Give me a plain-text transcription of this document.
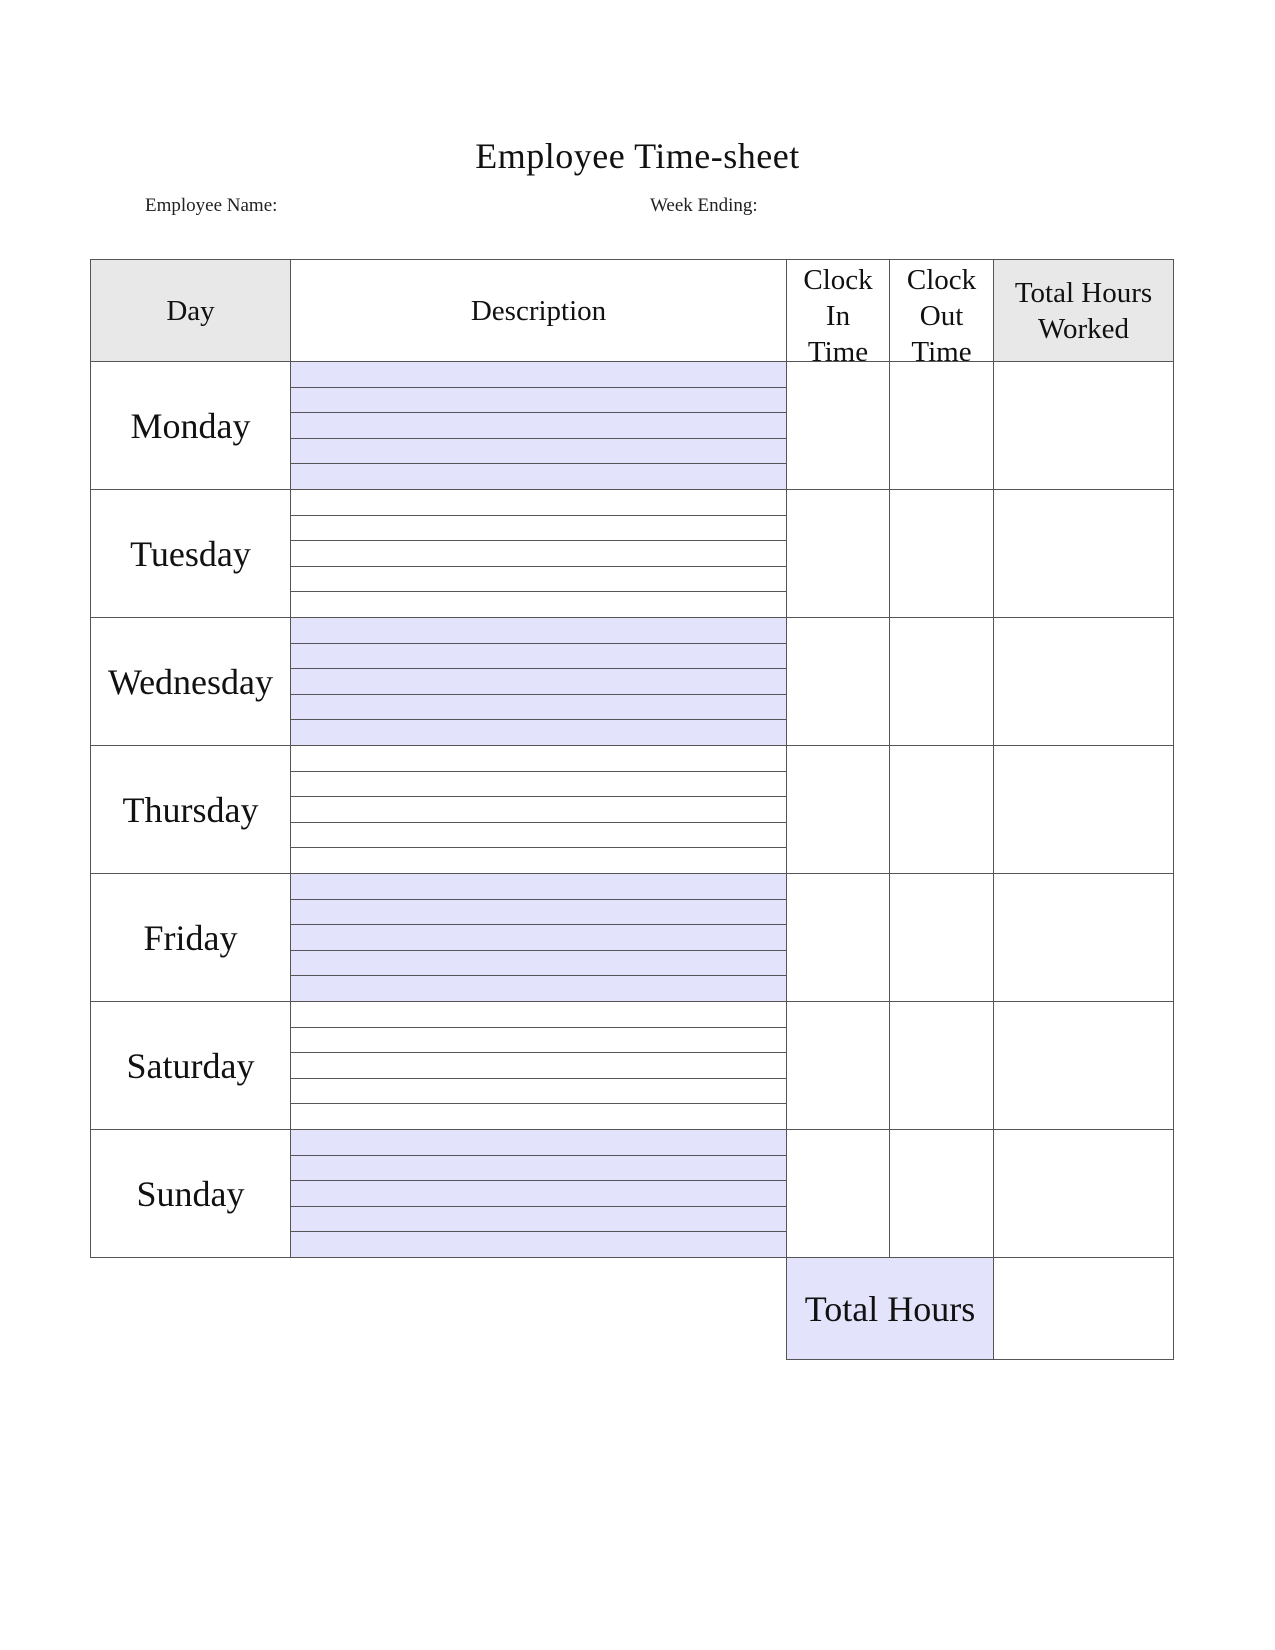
Employee Time-sheet
Employee Name:	Week Ending:
Day	Description
Clock In Time
Clock Out Time
Total Hours Worked
Monday
Tuesday
Wednesday
Thursday
Friday
Saturday
Sunday
Total Hours
